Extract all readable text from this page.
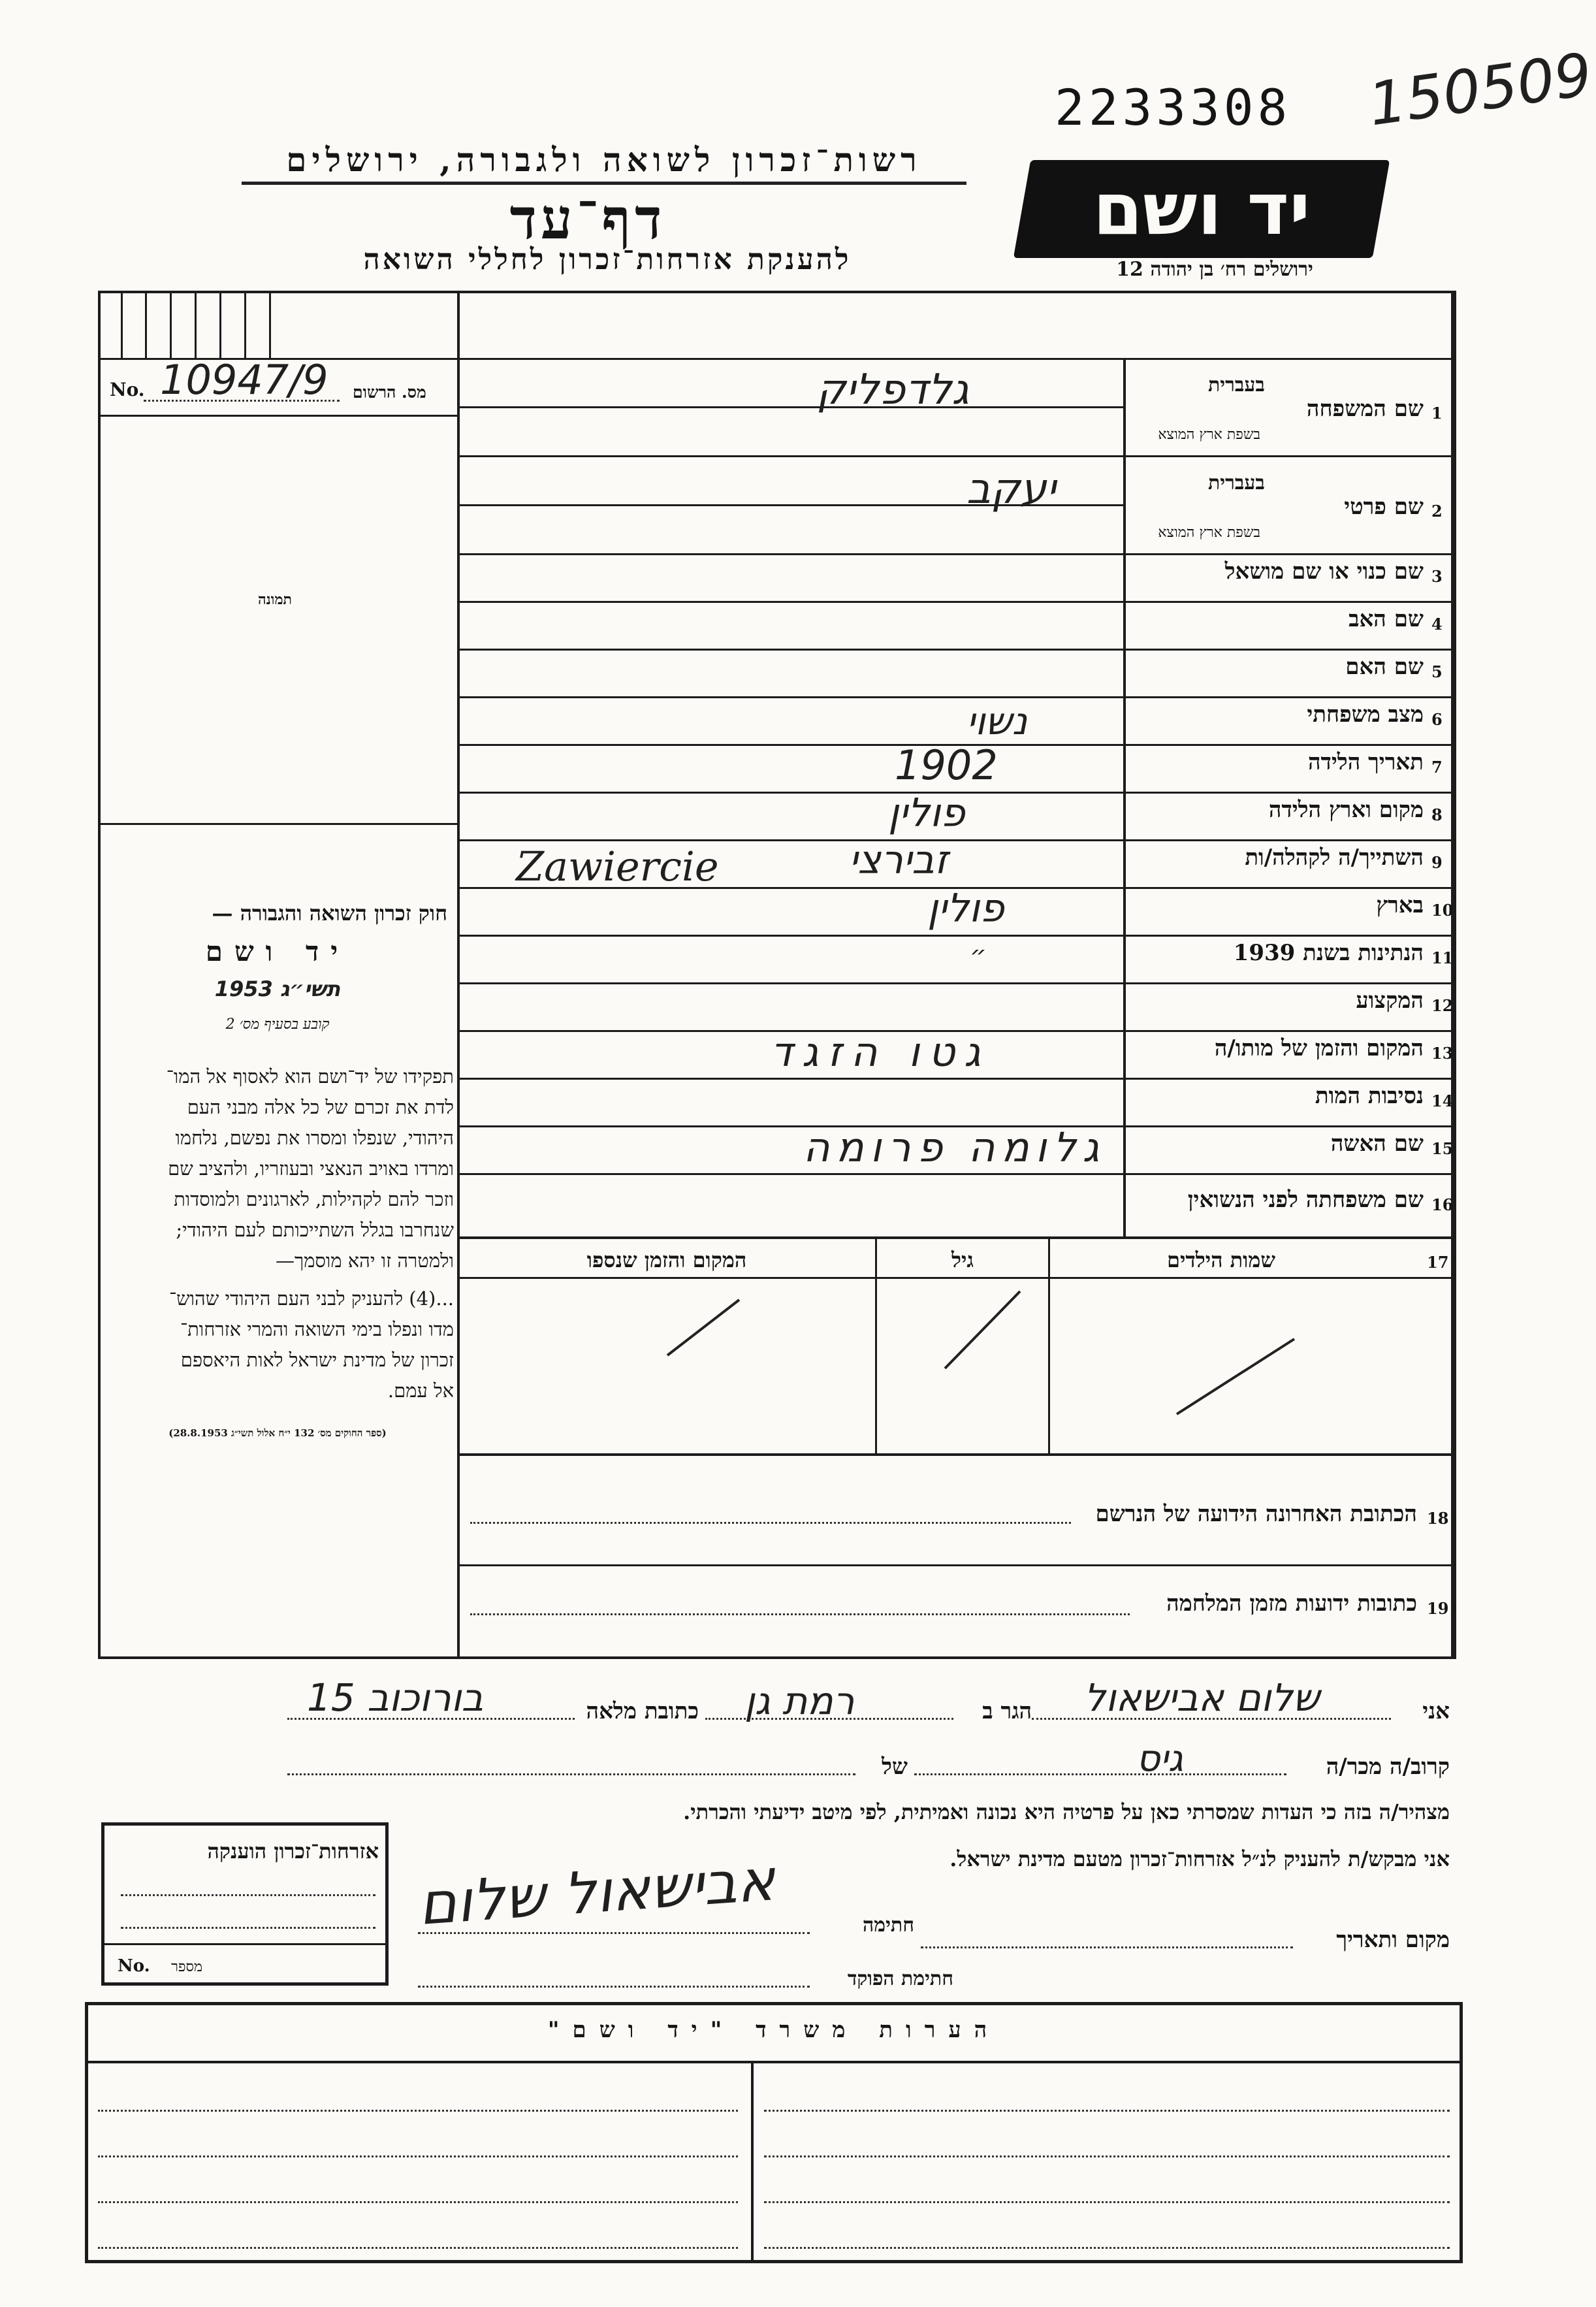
150509
2233308
רשות־זכרון לשואה ולגבורה, ירושלים
דף־עד
להענקת אזרחות־זכרון לחללי השואה
יד ושם
ירושלים רח׳ בן יהודה 12
No. 10947/9 מס. הרשום
תמונה
חוק זכרון השואה והגבורה —
יד ושם
תשי״ג 1953
קובע בסעיף מס׳ 2
תפקידו של יד־ושם הוא לאסוף אל המו־
לדת את זכרם של כל אלה מבני העם
היהודי, שנפלו ומסרו את נפשם, נלחמו
ומרדו באויב הנאצי ובעוזריו, ולהציב שם
וזכר להם לקהילות, לארגונים ולמוסדות
שנחרבו בגלל השתייכותם לעם היהודי;
ולמטרה זו יהא מוסמך—
...(4) להעניק לבני העם היהודי שהוש־
מדו ונפלו בימי השואה והמרי אזרחות־
זכרון של מדינת ישראל לאות היאספם
אל עמם.
(ספר החוקים מס׳ 132 י״ח אלול תשי״ג 28.8.1953)
1
שם המשפחה
בעברית
בשפת ארץ המוצא
גלדפליק
2
שם פרטי
בעברית
בשפת ארץ המוצא
יעקב
3
שם כנוי או שם מושאל
4
שם האב
5
שם האם
6
מצב משפחתי
נשוי
7
תאריך הלידה
1902
8
מקום וארץ הלידה
פולין
9
השתייך/ה לקהלה/ות
זבירצי
Zawiercie
10
בארץ
פולין
11
הנתינות בשנת 1939
״
12
המקצוע
13
המקום והזמן של מותו/ה
גטו הזגד
14
נסיבות המות
15
שם האשה
גלומה פרומה
16
שם משפחתה לפני הנשואין
17
שמות הילדים
גיל
המקום והזמן שנספו
18
הכתובת האחרונה הידועה של הנרשם
19
כתובות ידועות מזמן המלחמה
אני
שלום אבישאול
הגר ב
רמת גן
כתובת מלאה
בורוכוב 15
קרוב/ה מכר/ה
גיס
של
מצהיר/ה בזה כי העדות שמסרתי כאן על פרטיה היא נכונה ואמיתית, לפי מיטב ידיעתי והכרתי.
אני מבקש/ת להעניק לנ״ל אזרחות־זכרון מטעם מדינת ישראל.
מקום ותאריך
חתימה
אבישאול שלום
חתימת הפוקד
אזרחות־זכרון הוענקה
No.	מספר
הערות משרד "יד ושם"
